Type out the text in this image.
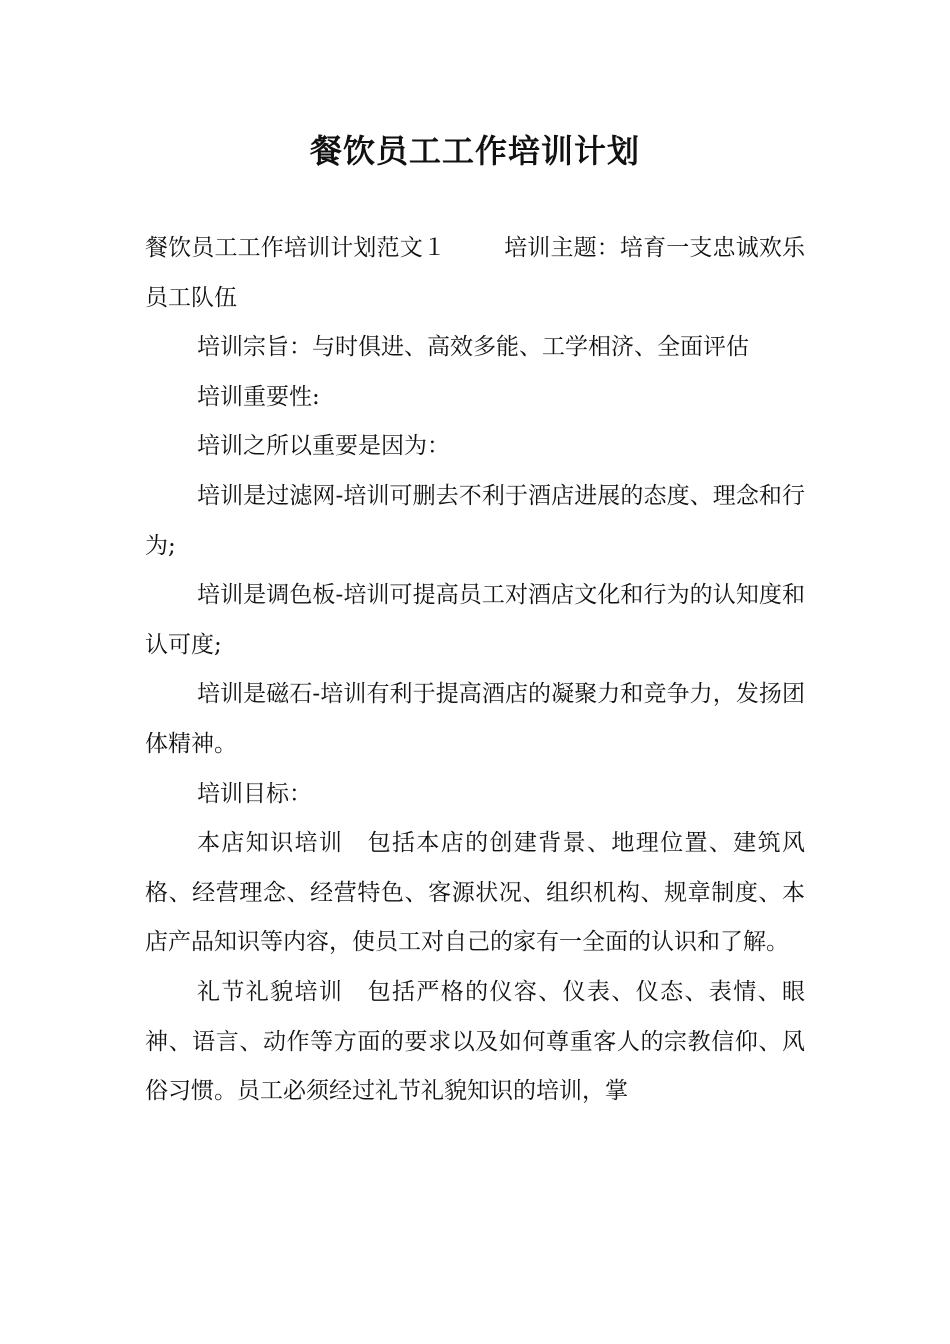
餐饮员工工作培训计划

餐饮员工工作培训计划范文１	培训主题：培育一支忠诚欢乐员工队伍

培训宗旨：与时俱进、高效多能、工学相济、全面评估

培训重要性:

培训之所以重要是因为：

培训是过滤网-培训可删去不利于酒店进展的态度、理念和行为;

培训是调色板-培训可提高员工对酒店文化和行为的认知度和认可度;

培训是磁石-培训有利于提高酒店的凝聚力和竞争力，发扬团体精神。

培训目标：

本店知识培训　包括本店的创建背景、地理位置、建筑风格、经营理念、经营特色、客源状况、组织机构、规章制度、本店产品知识等内容，使员工对自己的家有一全面的认识和了解。

礼节礼貌培训　包括严格的仪容、仪表、仪态、表情、眼神、语言、动作等方面的要求以及如何尊重客人的宗教信仰、风俗习惯。员工必须经过礼节礼貌知识的培训，掌
